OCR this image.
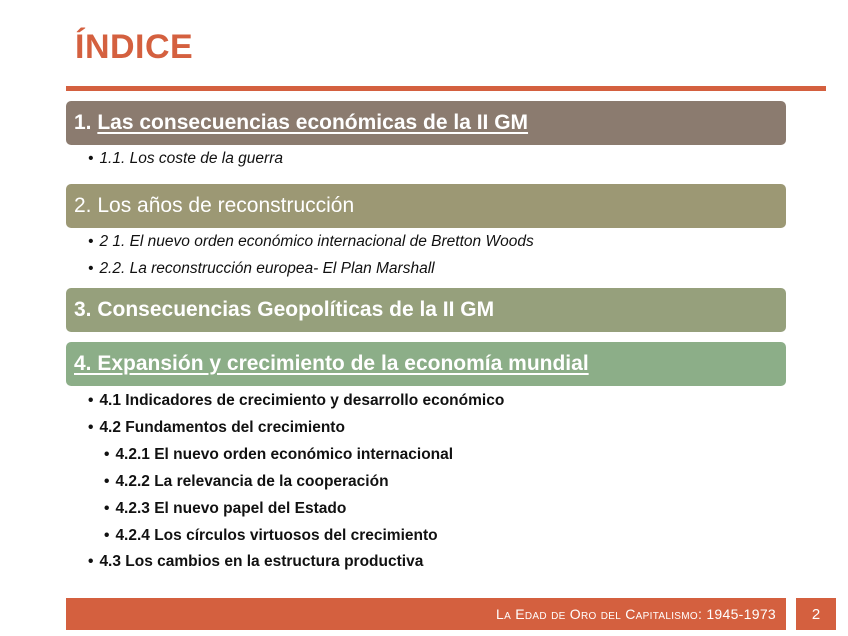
ÍNDICE
1. Las consecuencias económicas de la II GM
• 1.1. Los coste de la guerra
2. Los años de reconstrucción
• 2 1. El nuevo orden económico internacional de Bretton Woods
• 2.2. La reconstrucción europea- El Plan Marshall
3. Consecuencias Geopolíticas de la II GM
4. Expansión y crecimiento de la economía mundial
• 4.1 Indicadores de crecimiento y desarrollo económico
• 4.2 Fundamentos del crecimiento
• 4.2.1 El nuevo orden económico internacional
• 4.2.2 La relevancia de la cooperación
• 4.2.3 El nuevo papel del Estado
• 4.2.4 Los círculos virtuosos del crecimiento
• 4.3 Los cambios en la estructura productiva
La Edad de Oro del Capitalismo: 1945-1973	2
